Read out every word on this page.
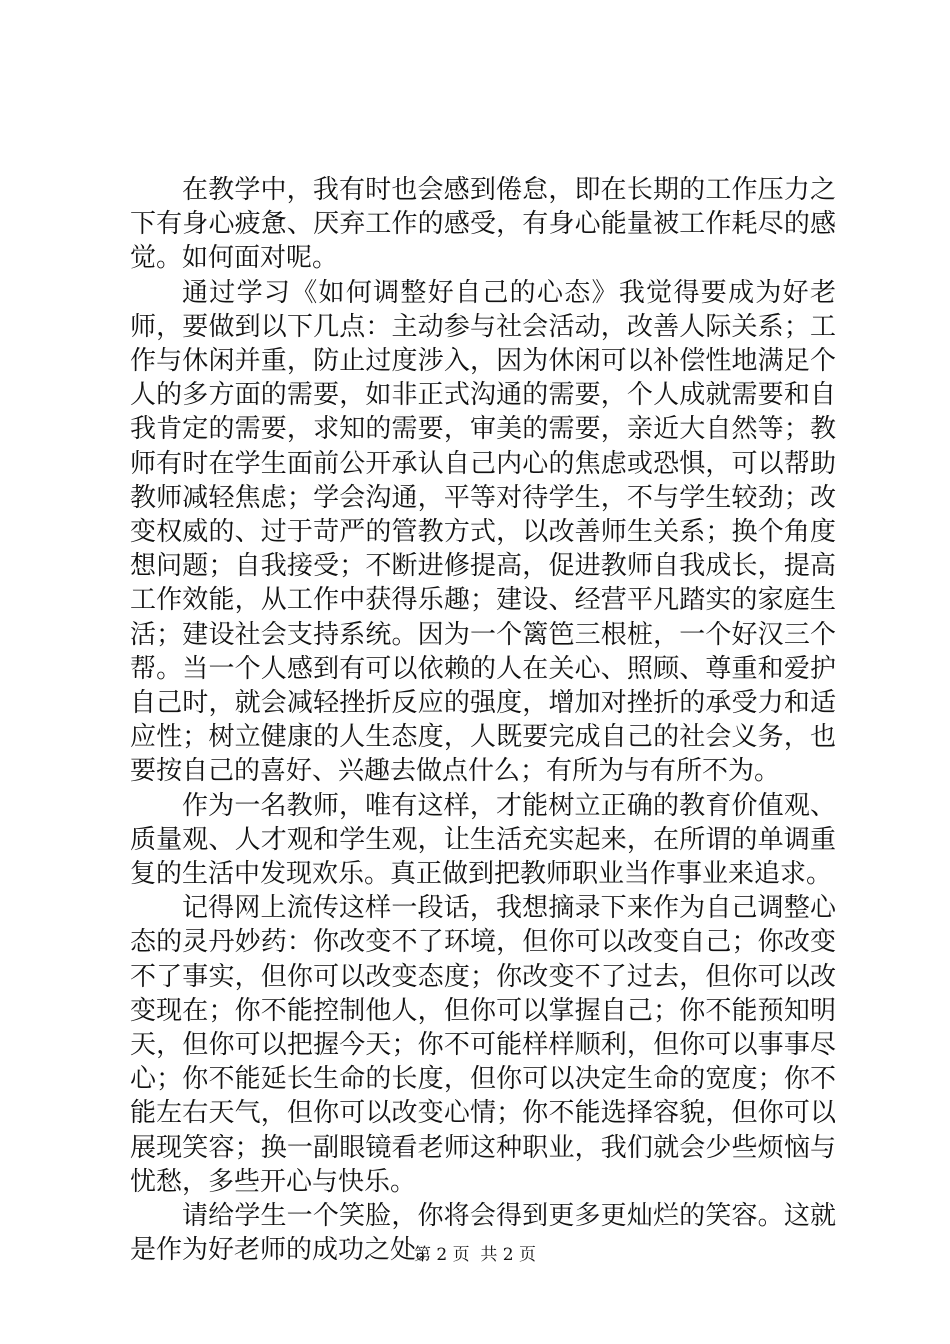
在教学中，我有时也会感到倦怠，即在长期的工作压力之下有身心疲惫、厌弃工作的感受，有身心能量被工作耗尽的感觉。如何面对呢。

通过学习《如何调整好自己的心态》我觉得要成为好老师，要做到以下几点：主动参与社会活动，改善人际关系；工作与休闲并重，防止过度涉入，因为休闲可以补偿性地满足个人的多方面的需要，如非正式沟通的需要，个人成就需要和自我肯定的需要，求知的需要，审美的需要，亲近大自然等；教师有时在学生面前公开承认自己内心的焦虑或恐惧，可以帮助教师减轻焦虑；学会沟通，平等对待学生，不与学生较劲；改变权威的、过于苛严的管教方式，以改善师生关系；换个角度想问题；自我接受；不断进修提高，促进教师自我成长，提高工作效能，从工作中获得乐趣；建设、经营平凡踏实的家庭生活；建设社会支持系统。因为一个篱笆三根桩，一个好汉三个帮。当一个人感到有可以依赖的人在关心、照顾、尊重和爱护自己时，就会减轻挫折反应的强度，增加对挫折的承受力和适应性；树立健康的人生态度，人既要完成自己的社会义务，也要按自己的喜好、兴趣去做点什么；有所为与有所不为。

作为一名教师，唯有这样，才能树立正确的教育价值观、质量观、人才观和学生观，让生活充实起来，在所谓的单调重复的生活中发现欢乐。真正做到把教师职业当作事业来追求。

记得网上流传这样一段话，我想摘录下来作为自己调整心态的灵丹妙药：你改变不了环境，但你可以改变自己；你改变不了事实，但你可以改变态度；你改变不了过去，但你可以改变现在；你不能控制他人，但你可以掌握自己；你不能预知明天，但你可以把握今天；你不可能样样顺利，但你可以事事尽心；你不能延长生命的长度，但你可以决定生命的宽度；你不能左右天气，但你可以改变心情；你不能选择容貌，但你可以展现笑容；换一副眼镜看老师这种职业，我们就会少些烦恼与忧愁，多些开心与快乐。

请给学生一个笑脸，你将会得到更多更灿烂的笑容。这就是作为好老师的成功之处。

第 2 页  共 2 页
